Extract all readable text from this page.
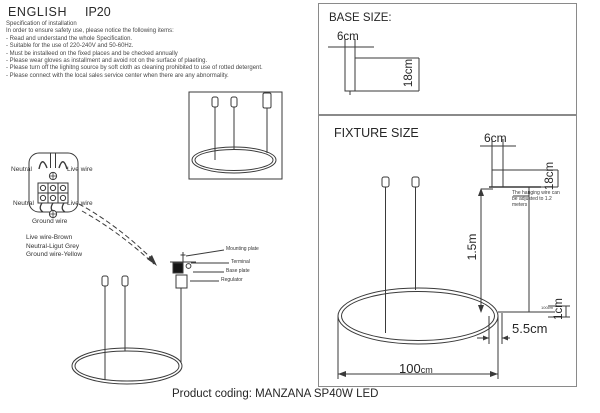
ENGLISH IP20
Specification of installation
In order to ensure safety use, please notice the following items:
- Read and understand the whole Specification.
- Suitable for the use of 220-240V and 50-60Hz.
- Must be installeed on the fixed places and be checked annually
- Please wear gloves as installment and avoid rot on the surface of plaeting.
- Please turn off the lighitng source by soft cloth as cleaning prohibited to use of rotted detergent.
- Please connect with the local sales service center when there are any abnormality.
Neutral	Live wire
Neutral	Live wire
Ground wire
Live wire-Brown
Neutral-Ligut Grey
Ground wire-Yellow
Mounting plate
Terminal
Base plate
Regulator
BASE SIZE:
6cm
18cm
FIXTURE SIZE	6cm
18cm
1.5m
The hanging wire can be adjusted to 1.2 meters
100cm 1cm
5.5cm
100cm
Product coding: MANZANA SP40W LED
